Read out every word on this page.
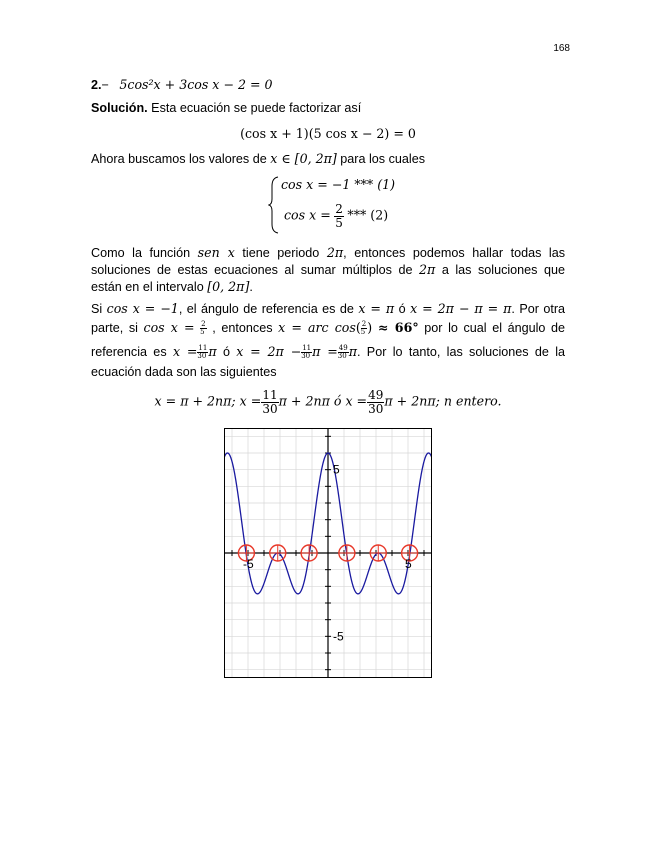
168
2.− 5cos²x + 3cos x − 2 = 0
Solución. Esta ecuación se puede factorizar así
(cos x + 1)(5 cos x − 2) = 0
Ahora buscamos los valores de x ∈ [0, 2π] para los cuales
cos x = −1 *** (1)
$\cos x = \frac{2}{5}$ *** (2)
Como la función sen x tiene periodo 2π, entonces podemos hallar todas las
soluciones de estas ecuaciones al sumar múltiplos de 2π a las soluciones que
están en el intervalo [0, 2π].
Si cos x = −1, el ángulo de referencia es de x = π ó x = 2π − π = π. Por otra
parte, si $\cos x = \frac{2}{5}$ , entonces x = arc $\cos( \frac{2}{5}$ ) ≈ 66° por lo cual el ángulo de
referencia es $x = \frac{11}{30}$ π ó $x = 2\pi - \frac{11}{30}$ $\pi = \frac{49}{30} \pi$. Por lo tanto, las soluciones de la
ecuación dada son las siguientes
x = π + 2nπ; $x = \frac{11}{30}$ π + 2nπ ó $x = \frac{49}{30}$ π + 2nπ; n entero.
5
-5
-5	5
